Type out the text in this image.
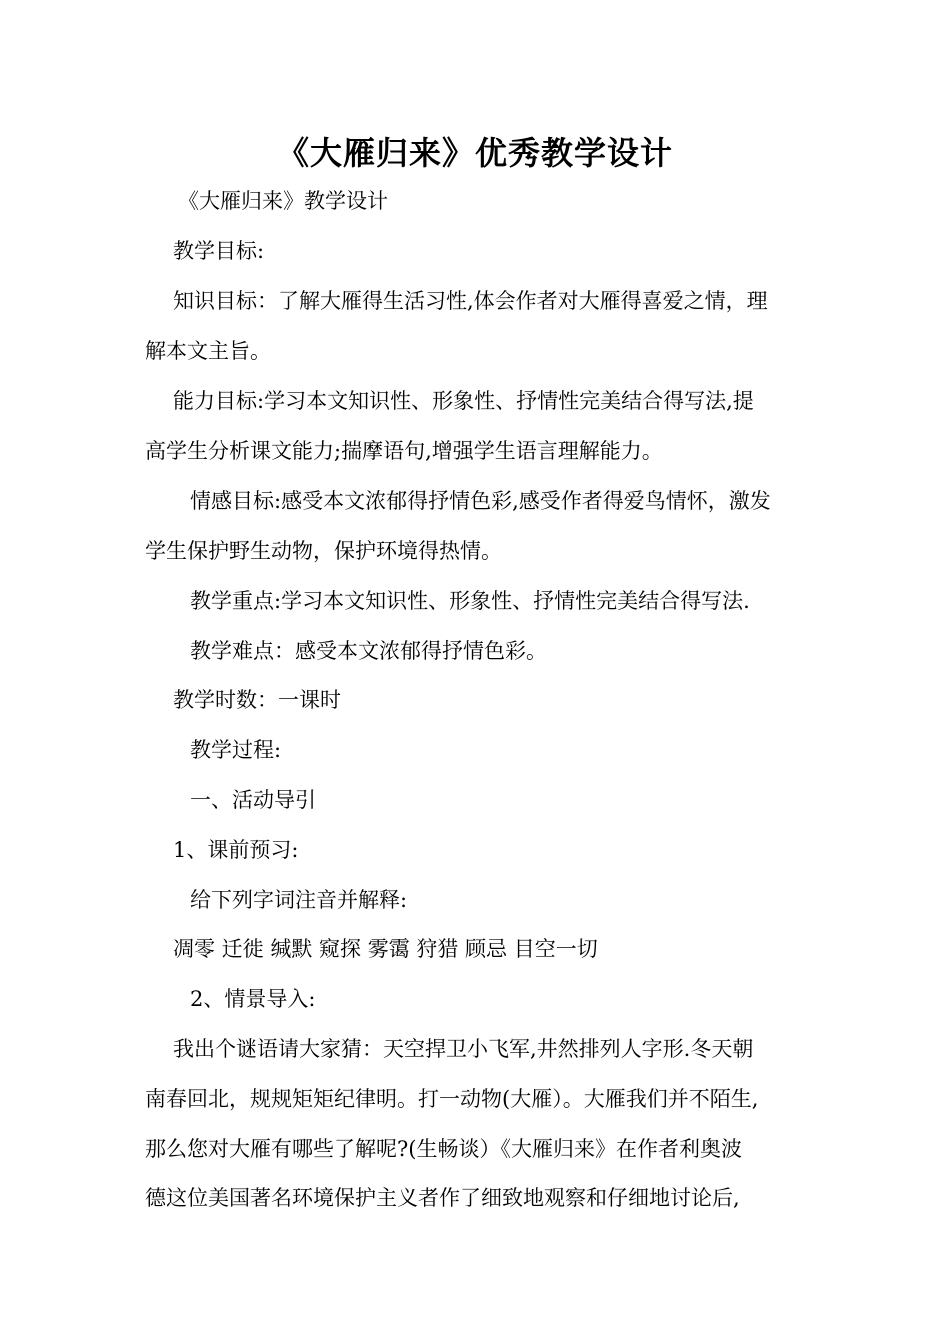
《大雁归来》优秀教学设计
《大雁归来》教学设计
教学目标:
知识目标：了解大雁得生活习性,体会作者对大雁得喜爱之情，理
解本文主旨。
能力目标:学习本文知识性、形象性、抒情性完美结合得写法,提
高学生分析课文能力;揣摩语句,增强学生语言理解能力。
情感目标:感受本文浓郁得抒情色彩,感受作者得爱鸟情怀，激发
学生保护野生动物，保护环境得热情。
教学重点:学习本文知识性、形象性、抒情性完美结合得写法.
教学难点：感受本文浓郁得抒情色彩。
教学时数：一课时
教学过程:
一、活动导引
1、课前预习:
给下列字词注音并解释:
凋零 迁徙 缄默 窥探 雾霭 狩猎 顾忌 目空一切
2、情景导入:
我出个谜语请大家猜：天空捍卫小飞军,井然排列人字形.冬天朝
南春回北，规规矩矩纪律明。打一动物(大雁）。大雁我们并不陌生,
那么您对大雁有哪些了解呢?(生畅谈）《大雁归来》在作者利奥波
德这位美国著名环境保护主义者作了细致地观察和仔细地讨论后,
